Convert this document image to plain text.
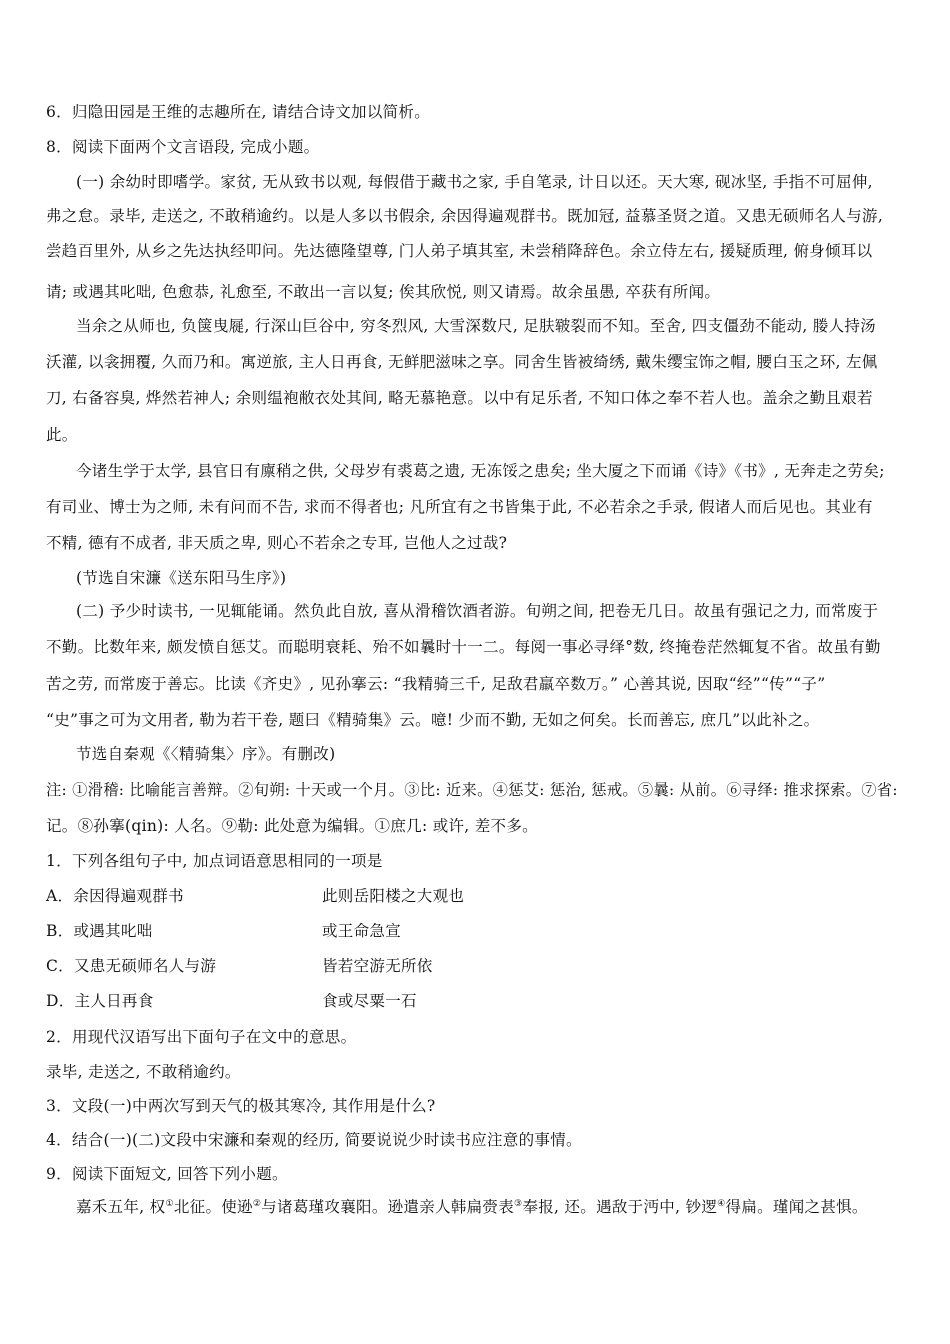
6．归隐田园是王维的志趣所在, 请结合诗文加以简析。
8．阅读下面两个文言语段, 完成小题。
(一) 余幼时即嗜学。家贫, 无从致书以观, 每假借于藏书之家, 手自笔录, 计日以还。天大寒, 砚冰坚, 手指不可屈伸,
弗之怠。录毕, 走送之, 不敢稍逾约。以是人多以书假余, 余因得遍观群书。既加冠, 益慕圣贤之道。又患无硕师名人与游,
尝趋百里外, 从乡之先达执经叩问。先达德隆望尊, 门人弟子填其室, 未尝稍降辞色。余立侍左右, 援疑质理, 俯身倾耳以
请; 或遇其叱咄, 色愈恭, 礼愈至, 不敢出一言以复; 俟其欣悦, 则又请焉。故余虽愚, 卒获有所闻。
当余之从师也, 负箧曳屣, 行深山巨谷中, 穷冬烈风, 大雪深数尺, 足肤皲裂而不知。至舍, 四支僵劲不能动, 媵人持汤
沃灌, 以衾拥覆, 久而乃和。寓逆旅, 主人日再食, 无鲜肥滋味之享。同舍生皆被绮绣, 戴朱缨宝饰之帽, 腰白玉之环, 左佩
刀, 右备容臭, 烨然若神人; 余则缊袍敝衣处其间, 略无慕艳意。以中有足乐者, 不知口体之奉不若人也。盖余之勤且艰若
此。
今诸生学于太学, 县官日有廪稍之供, 父母岁有裘葛之遗, 无冻馁之患矣; 坐大厦之下而诵《诗》《书》, 无奔走之劳矣;
有司业、博士为之师, 未有问而不告, 求而不得者也; 凡所宜有之书皆集于此, 不必若余之手录, 假诸人而后见也。其业有
不精, 德有不成者, 非天质之卑, 则心不若余之专耳, 岂他人之过哉?
(节选自宋濂《送东阳马生序》)
(二) 予少时读书, 一见辄能诵。然负此自放, 喜从滑稽饮酒者游。旬朔之间, 把卷无几日。故虽有强记之力, 而常废于
不勤。比数年来, 颇发愤自惩艾。而聪明衰耗、殆不如曩时十一二。每阅一事必寻绎°数, 终掩卷茫然辄复不省。故虽有勤
苦之劳, 而常废于善忘。比读《齐史》, 见孙搴云: “我精骑三千, 足敌君羸卒数万。” 心善其说, 因取“经”“传”“子”
“史”事之可为文用者, 勒为若干卷, 题曰《精骑集》云。噫! 少而不勤, 无如之何矣。长而善忘, 庶几”以此补之。
节选自秦观《〈精骑集〉序》。有删改)
注: ①滑稽: 比喻能言善辩。②旬朔: 十天或一个月。③比: 近来。④惩艾: 惩治, 惩戒。⑤曩: 从前。⑥寻绎: 推求探索。⑦省:
记。⑧孙搴(qin): 人名。⑨勒: 此处意为编辑。①庶几: 或许, 差不多。
1．下列各组句子中, 加点词语意思相同的一项是
A．余因得遍观群书	此则岳阳楼之大观也
B．或遇其叱咄	或王命急宣
C．又患无硕师名人与游	皆若空游无所依
D．主人日再食	食或尽粟一石
2．用现代汉语写出下面句子在文中的意思。
录毕, 走送之, 不敢稍逾约。
3．文段(一)中两次写到天气的极其寒冷, 其作用是什么?
4．结合(一)(二)文段中宋濂和秦观的经历, 简要说说少时读书应注意的事情。
9．阅读下面短文, 回答下列小题。
嘉禾五年, 权①北征。使逊②与诸葛瑾攻襄阳。逊遣亲人韩扁赍表③奉报, 还。遇敌于沔中, 钞逻④得扁。瑾闻之甚惧。
